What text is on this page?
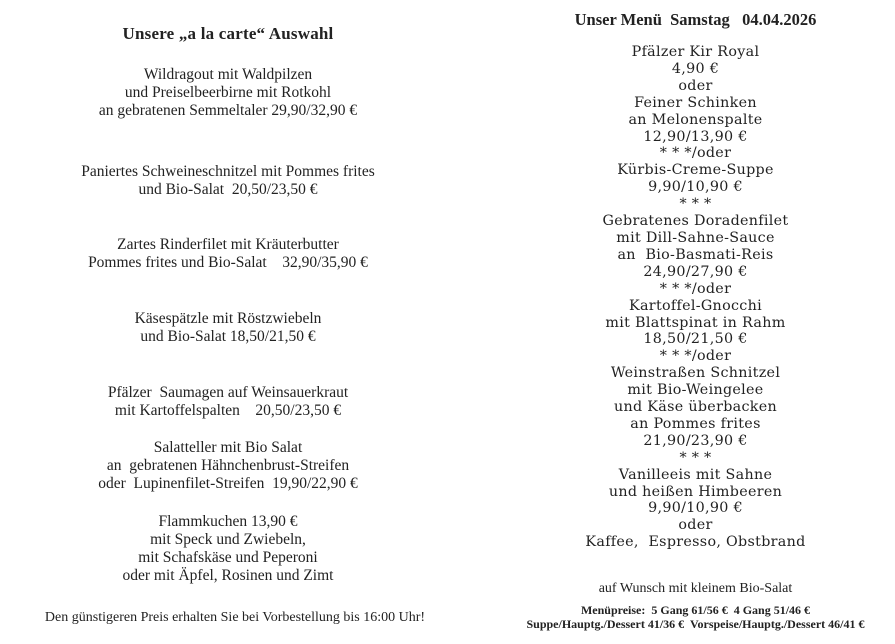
Unsere „a la carte“ Auswahl
Wildragout mit Waldpilzen
und Preiselbeerbirne mit Rotkohl
an gebratenen Semmeltaler 29,90/32,90 €
Paniertes Schweineschnitzel mit Pommes frites
und Bio-Salat  20,50/23,50 €
Zartes Rinderfilet mit Kräuterbutter
Pommes frites und Bio-Salat    32,90/35,90 €
Käsespätzle mit Röstzwiebeln
und Bio-Salat 18,50/21,50 €
Pfälzer  Saumagen auf Weinsauerkraut
mit Kartoffelspalten    20,50/23,50 €
Salatteller mit Bio Salat
an  gebratenen Hähnchenbrust-Streifen
oder  Lupinenfilet-Streifen  19,90/22,90 €
Flammkuchen 13,90 €
mit Speck und Zwiebeln,
mit Schafskäse und Peperoni
oder mit Äpfel, Rosinen und Zimt
Den günstigeren Preis erhalten Sie bei Vorbestellung bis 16:00 Uhr!
Unser Menü  Samstag   04.04.2026
Pfälzer Kir Royal
4,90 €
oder
Feiner Schinken
an Melonenspalte
12,90/13,90 €
* * */oder
Kürbis-Creme-Suppe
9,90/10,90 €
* * *
Gebratenes Doradenfilet
mit Dill-Sahne-Sauce
an  Bio-Basmati-Reis
24,90/27,90 €
* * */oder
Kartoffel-Gnocchi
mit Blattspinat in Rahm
18,50/21,50 €
* * */oder
Weinstraßen Schnitzel
mit Bio-Weingelee
und Käse überbacken
an Pommes frites
21,90/23,90 €
* * *
Vanilleeis mit Sahne
und heißen Himbeeren
9,90/10,90 €
oder
Kaffee,  Espresso, Obstbrand
auf Wunsch mit kleinem Bio-Salat
Menüpreise:  5 Gang 61/56 €  4 Gang 51/46 €
Suppe/Hauptg./Dessert 41/36 €  Vorspeise/Hauptg./Dessert 46/41 €
